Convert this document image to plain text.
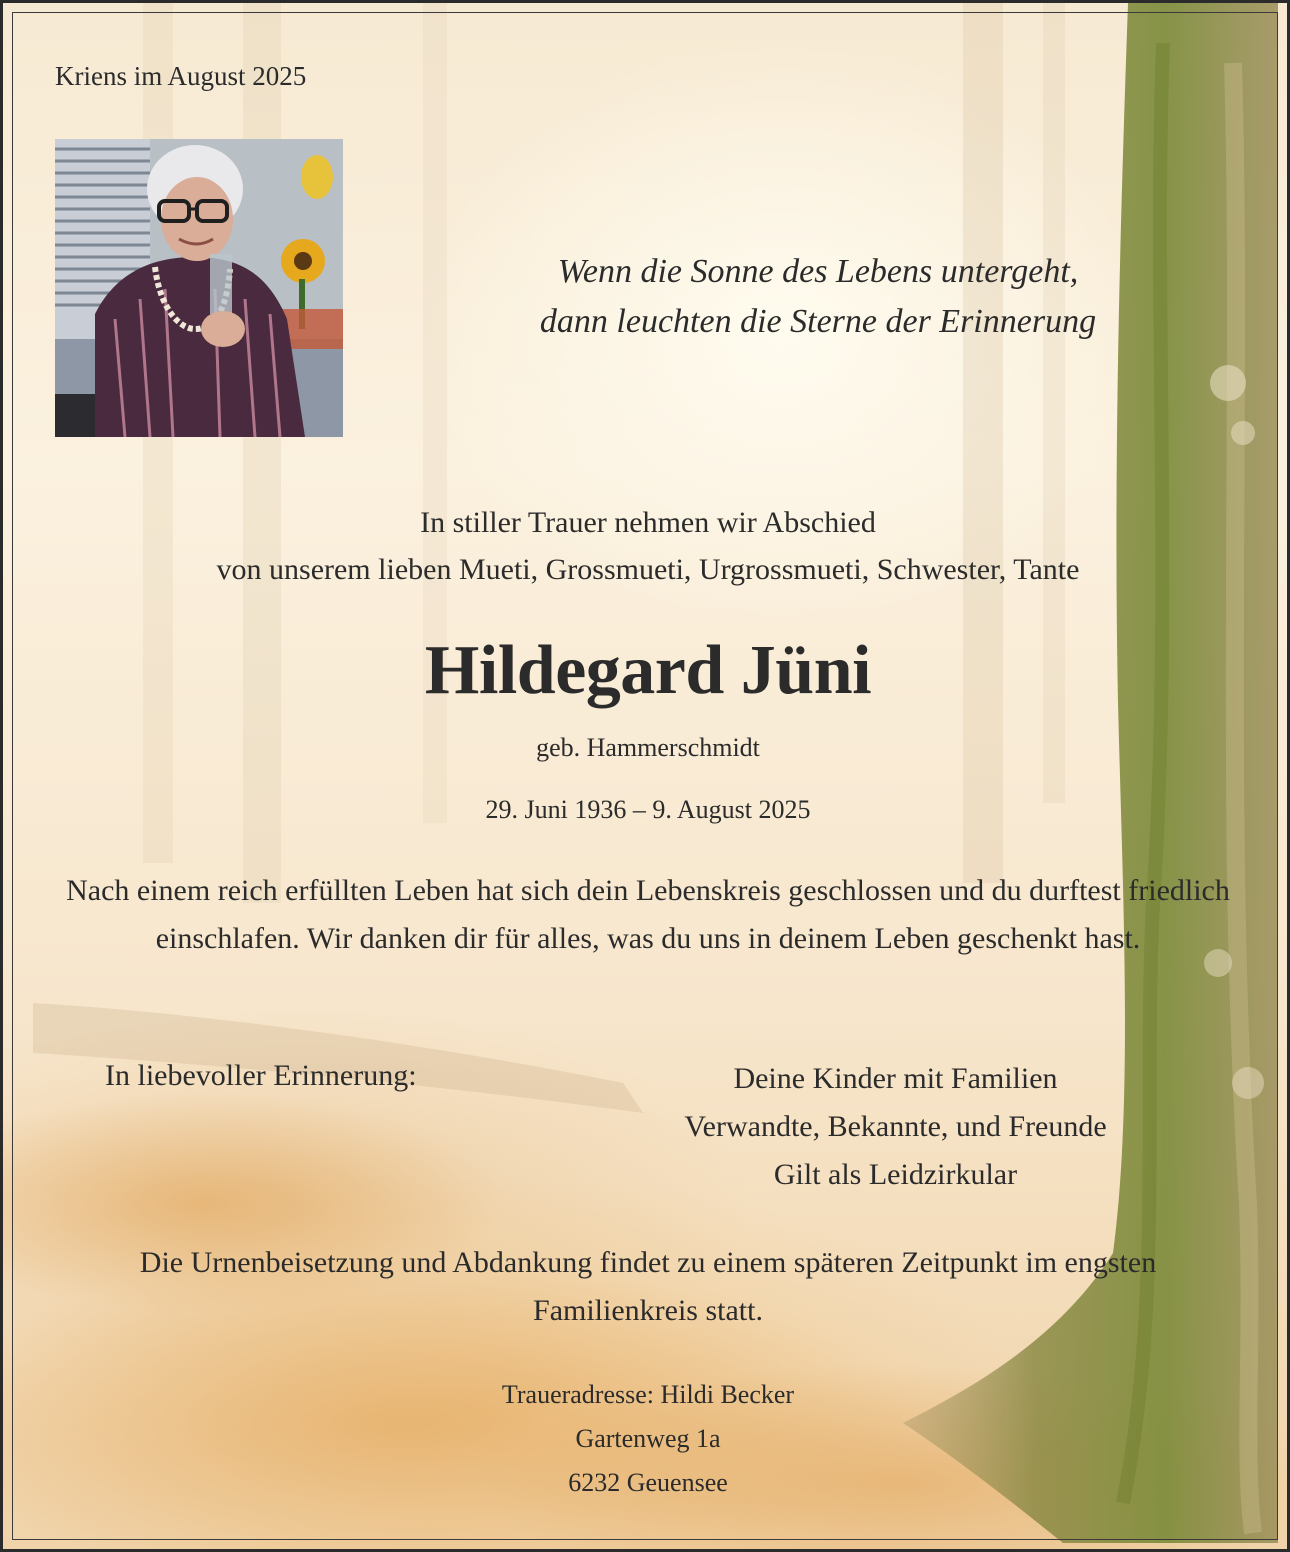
Kriens im August 2025
Wenn die Sonne des Lebens untergeht,
dann leuchten die Sterne der Erinnerung
In stiller Trauer nehmen wir Abschied
von unserem lieben Mueti, Grossmueti, Urgrossmueti, Schwester, Tante
Hildegard Jüni
geb. Hammerschmidt
29. Juni 1936 – 9. August 2025
Nach einem reich erfüllten Leben hat sich dein Lebenskreis geschlossen und du durftest friedlich einschlafen. Wir danken dir für alles, was du uns in deinem Leben geschenkt hast.
In liebevoller Erinnerung:	Deine Kinder mit Familien
Verwandte, Bekannte, und Freunde
Gilt als Leidzirkular
Die Urnenbeisetzung und Abdankung findet zu einem späteren Zeitpunkt im engsten Familienkreis statt.
Traueradresse: Hildi Becker
Gartenweg 1a
6232 Geuensee
